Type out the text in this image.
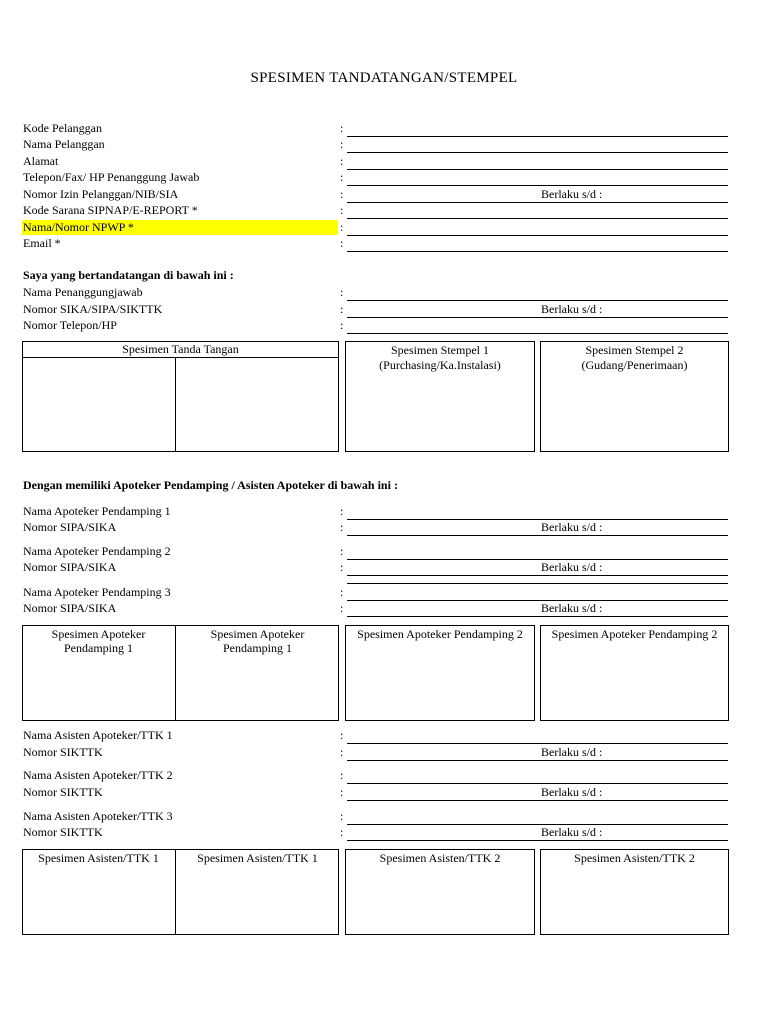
SPESIMEN TANDATANGAN/STEMPEL
Kode Pelanggan	:
Nama Pelanggan	:
Alamat	:
Telepon/Fax/ HP Penanggung Jawab	:
Nomor Izin Pelanggan/NIB/SIA	:	Berlaku s/d :
Kode Sarana SIPNAP/E-REPORT *	:
Nama/Nomor NPWP *	:
Email *	:
Saya yang bertandatangan di bawah ini :
Nama Penanggungjawab	:
Nomor SIKA/SIPA/SIKTTK	:	Berlaku s/d :
Nomor Telepon/HP	:
Spesimen Tanda Tangan	Spesimen Stempel 1
(Purchasing/Ka.Instalasi)
Spesimen Stempel 2
(Gudang/Penerimaan)
Dengan memiliki Apoteker Pendamping / Asisten Apoteker di bawah ini :
Nama Apoteker Pendamping 1	:
Nomor SIPA/SIKA	:	Berlaku s/d :
Nama Apoteker Pendamping 2	:
Nomor SIPA/SIKA	:	Berlaku s/d :
Nama Apoteker Pendamping 3	:
Nomor SIPA/SIKA	:	Berlaku s/d :
Spesimen Apoteker
Pendamping 1
Spesimen Apoteker
Pendamping 1
Spesimen Apoteker Pendamping 2	Spesimen Apoteker Pendamping 2
Nama Asisten Apoteker/TTK 1	:
Nomor SIKTTK	:	Berlaku s/d :
Nama Asisten Apoteker/TTK 2	:
Nomor SIKTTK	:	Berlaku s/d :
Nama Asisten Apoteker/TTK 3	:
Nomor SIKTTK	:	Berlaku s/d :
Spesimen Asisten/TTK 1	Spesimen Asisten/TTK 1	Spesimen Asisten/TTK 2	Spesimen Asisten/TTK 2
